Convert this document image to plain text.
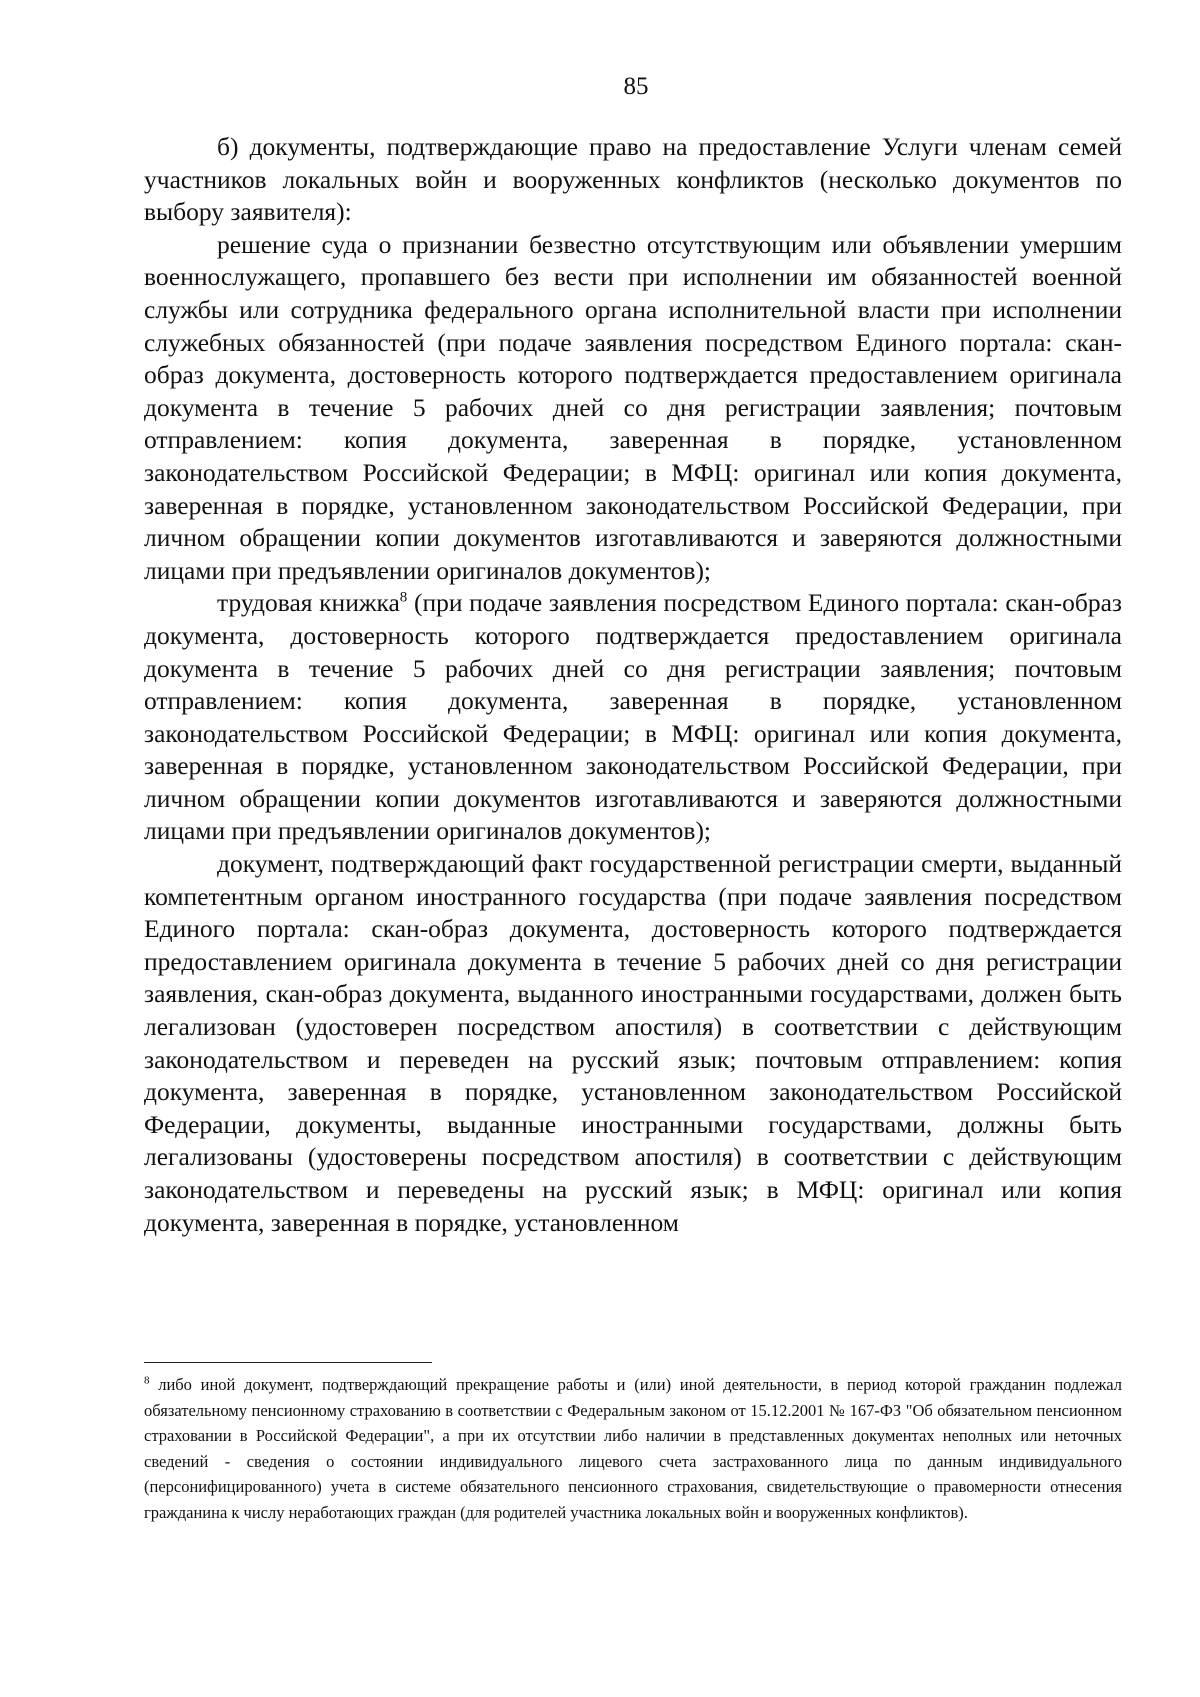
85

б) документы, подтверждающие право на предоставление Услуги членам семей участников локальных войн и вооруженных конфликтов (несколько документов по выбору заявителя):

решение суда о признании безвестно отсутствующим или объявлении умершим военнослужащего, пропавшего без вести при исполнении им обязанностей военной службы или сотрудника федерального органа исполнительной власти при исполнении служебных обязанностей (при подаче заявления посредством Единого портала: скан-образ документа, достоверность которого подтверждается предоставлением оригинала документа в течение 5 рабочих дней со дня регистрации заявления; почтовым отправлением: копия документа, заверенная в порядке, установленном законодательством Российской Федерации; в МФЦ: оригинал или копия документа, заверенная в порядке, установленном законодательством Российской Федерации, при личном обращении копии документов изготавливаются и заверяются должностными лицами при предъявлении оригиналов документов);

трудовая книжка$^8$ (при подаче заявления посредством Единого портала: скан-образ документа, достоверность которого подтверждается предоставлением оригинала документа в течение 5 рабочих дней со дня регистрации заявления; почтовым отправлением: копия документа, заверенная в порядке, установленном законодательством Российской Федерации; в МФЦ: оригинал или копия документа, заверенная в порядке, установленном законодательством Российской Федерации, при личном обращении копии документов изготавливаются и заверяются должностными лицами при предъявлении оригиналов документов);

документ, подтверждающий факт государственной регистрации смерти, выданный компетентным органом иностранного государства (при подаче заявления посредством Единого портала: скан-образ документа, достоверность которого подтверждается предоставлением оригинала документа в течение 5 рабочих дней со дня регистрации заявления, скан-образ документа, выданного иностранными государствами, должен быть легализован (удостоверен посредством апостиля) в соответствии с действующим законодательством и переведен на русский язык; почтовым отправлением: копия документа, заверенная в порядке, установленном законодательством Российской Федерации, документы, выданные иностранными государствами, должны быть легализованы (удостоверены посредством апостиля) в соответствии с действующим законодательством и переведены на русский язык; в МФЦ: оригинал или копия документа, заверенная в порядке, установленном

$^8$ либо иной документ, подтверждающий прекращение работы и (или) иной деятельности, в период которой гражданин подлежал обязательному пенсионному страхованию в соответствии с Федеральным законом от 15.12.2001 № 167-ФЗ "Об обязательном пенсионном страховании в Российской Федерации", а при их отсутствии либо наличии в представленных документах неполных или неточных сведений - сведения о состоянии индивидуального лицевого счета застрахованного лица по данным индивидуального (персонифицированного) учета в системе обязательного пенсионного страхования, свидетельствующие о правомерности отнесения гражданина к числу неработающих граждан (для родителей участника локальных войн и вооруженных конфликтов).
